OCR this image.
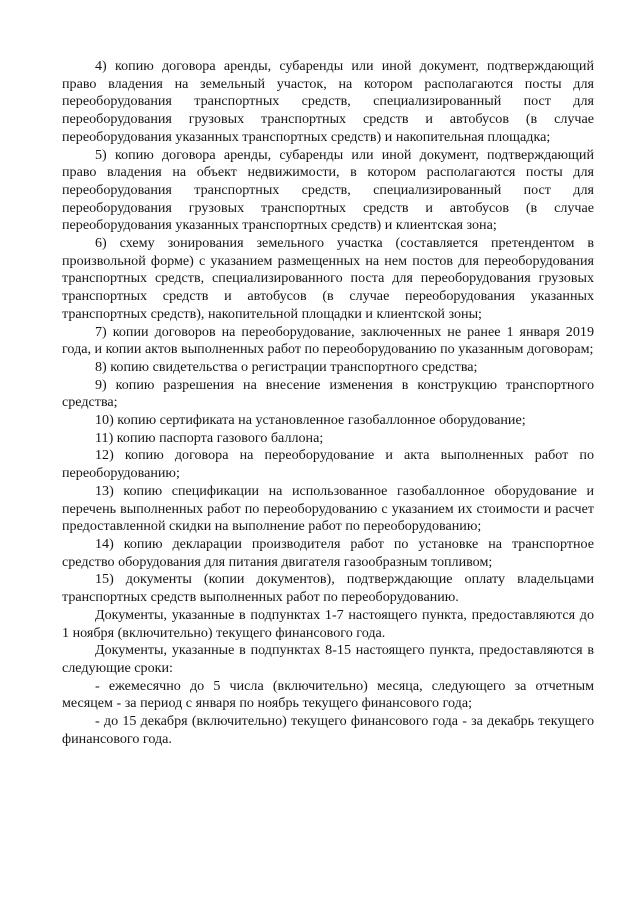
4) копию договора аренды, субаренды или иной документ, подтверждающий право владения на земельный участок, на котором располагаются посты для переоборудования транспортных средств, специализированный пост для переоборудования грузовых транспортных средств и автобусов (в случае переоборудования указанных транспортных средств) и накопительная площадка;

5) копию договора аренды, субаренды или иной документ, подтверждающий право владения на объект недвижимости, в котором располагаются посты для переоборудования транспортных средств, специализированный пост для переоборудования грузовых транспортных средств и автобусов (в случае переоборудования указанных транспортных средств) и клиентская зона;

6) схему зонирования земельного участка (составляется претендентом в произвольной форме) с указанием размещенных на нем постов для переоборудования транспортных средств, специализированного поста для переоборудования грузовых транспортных средств и автобусов (в случае переоборудования указанных транспортных средств), накопительной площадки и клиентской зоны;

7) копии договоров на переоборудование, заключенных не ранее 1 января 2019 года, и копии актов выполненных работ по переоборудованию по указанным договорам;

8) копию свидетельства о регистрации транспортного средства;

9) копию разрешения на внесение изменения в конструкцию транспортного средства;

10) копию сертификата на установленное газобаллонное оборудование;

11) копию паспорта газового баллона;

12) копию договора на переоборудование и акта выполненных работ по переоборудованию;

13) копию спецификации на использованное газобаллонное оборудование и перечень выполненных работ по переоборудованию с указанием их стоимости и расчет предоставленной скидки на выполнение работ по переоборудованию;

14) копию декларации производителя работ по установке на транспортное средство оборудования для питания двигателя газообразным топливом;

15) документы (копии документов), подтверждающие оплату владельцами транспортных средств выполненных работ по переоборудованию.

Документы, указанные в подпунктах 1-7 настоящего пункта, предоставляются до 1 ноября (включительно) текущего финансового года.

Документы, указанные в подпунктах 8-15 настоящего пункта, предоставляются в следующие сроки:

- ежемесячно до 5 числа (включительно) месяца, следующего за отчетным месяцем - за период с января по ноябрь текущего финансового года;

- до 15 декабря (включительно) текущего финансового года - за декабрь текущего финансового года.
